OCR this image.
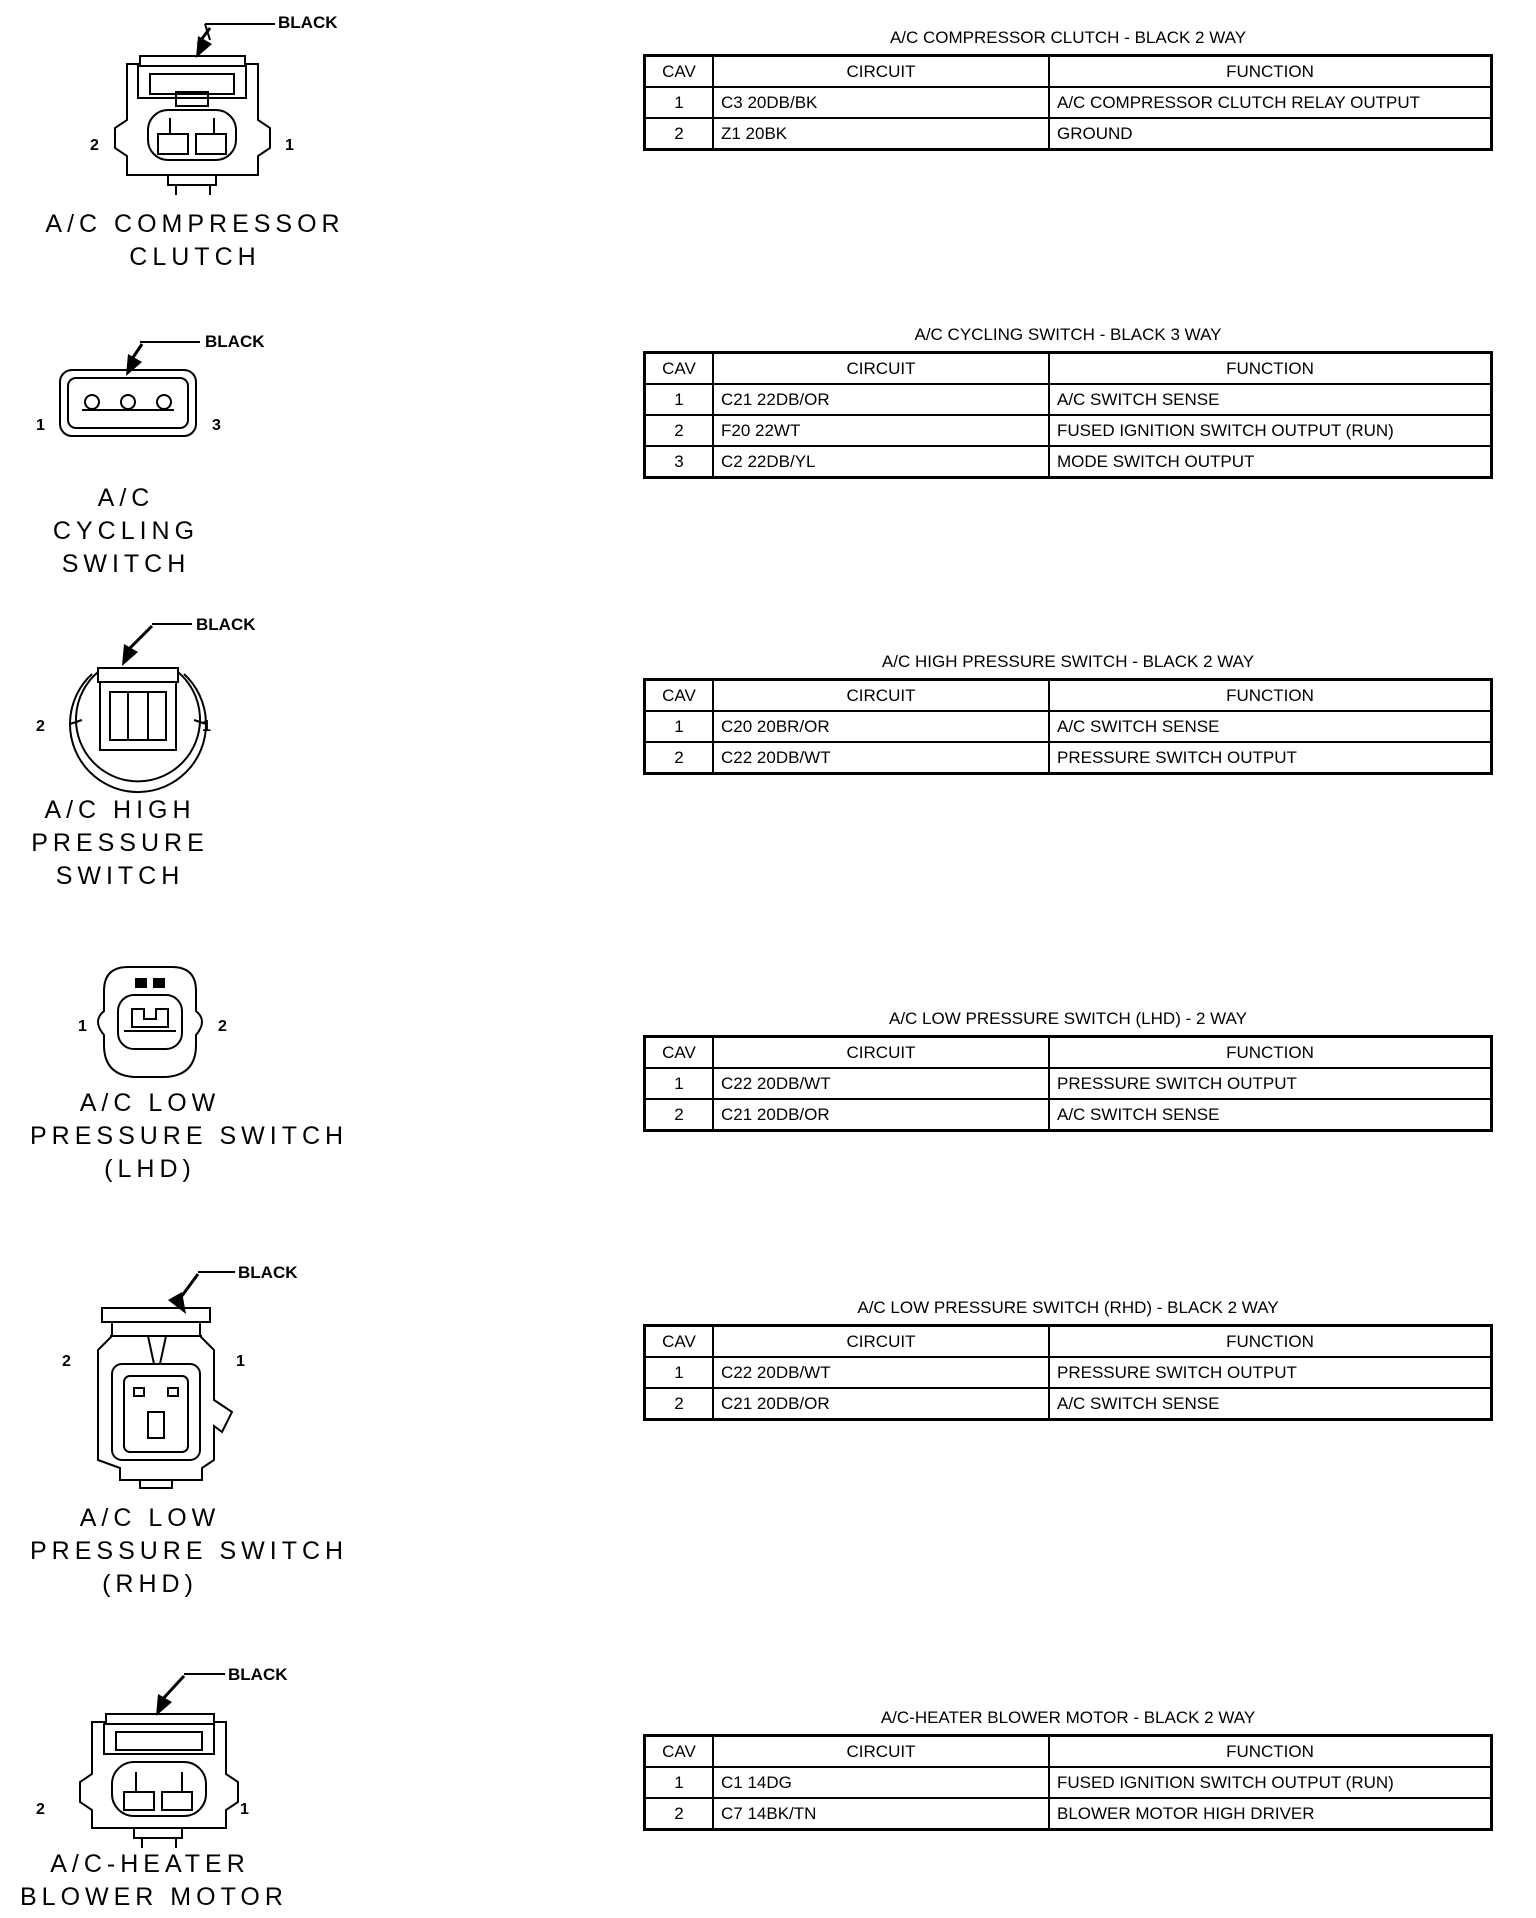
BLACK
2	1
A/C COMPRESSOR
CLUTCH
A/C COMPRESSOR CLUTCH - BLACK 2 WAY
CAV	CIRCUIT	FUNCTION
1	C3 20DB/BK	A/C COMPRESSOR CLUTCH RELAY OUTPUT
2	Z1 20BK	GROUND
BLACK
1	3
A/C
CYCLING
SWITCH
A/C CYCLING SWITCH - BLACK 3 WAY
CAV	CIRCUIT	FUNCTION
1	C21 22DB/OR	A/C SWITCH SENSE
2	F20 22WT	FUSED IGNITION SWITCH OUTPUT (RUN)
3	C2 22DB/YL	MODE SWITCH OUTPUT
BLACK
2	1
A/C HIGH
PRESSURE
SWITCH
A/C HIGH PRESSURE SWITCH - BLACK 2 WAY
CAV	CIRCUIT	FUNCTION
1	C20 20BR/OR	A/C SWITCH SENSE
2	C22 20DB/WT	PRESSURE SWITCH OUTPUT
1	2
A/C LOW
PRESSURE SWITCH
(LHD)
A/C LOW PRESSURE SWITCH (LHD) - 2 WAY
CAV	CIRCUIT	FUNCTION
1	C22 20DB/WT	PRESSURE SWITCH OUTPUT
2	C21 20DB/OR	A/C SWITCH SENSE
BLACK
2	1
A/C LOW
PRESSURE SWITCH
(RHD)
A/C LOW PRESSURE SWITCH (RHD) - BLACK 2 WAY
CAV	CIRCUIT	FUNCTION
1	C22 20DB/WT	PRESSURE SWITCH OUTPUT
2	C21 20DB/OR	A/C SWITCH SENSE
BLACK
2	1
A/C-HEATER
BLOWER MOTOR
A/C-HEATER BLOWER MOTOR - BLACK 2 WAY
CAV	CIRCUIT	FUNCTION
1	C1 14DG	FUSED IGNITION SWITCH OUTPUT (RUN)
2	C7 14BK/TN	BLOWER MOTOR HIGH DRIVER
